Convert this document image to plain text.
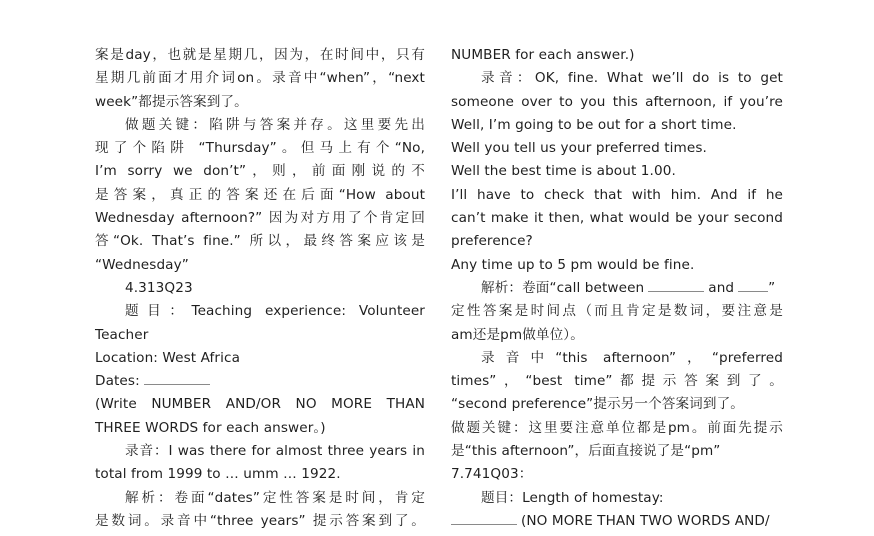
案是day，也就是星期几，因为，在时间中，只有
星期几前面才用介词on。录音中“when”，“next
week”都提示答案到了。
做题关键：陷阱与答案并存。这里要先出
现了个陷阱 “Thursday”。但马上有个“No,
I’m sorry we don’t”，则，前面刚说的不
是答案，真正的答案还在后面“How about
Wednesday afternoon?” 因为对方用了个肯定回
答“Ok. That’s fine.” 所以，最终答案应该是
“Wednesday”
4.313Q23
题目：Teaching experience: Volunteer
Teacher
Location: West Africa
Dates:
(Write NUMBER AND/OR NO MORE THAN
THREE WORDS for each answer。)
录音：I was there for almost three years in
total from 1999 to … umm … 1922.
解析：卷面“dates”定性答案是时间，肯定
是数词。录音中“three years” 提示答案到了。
NUMBER for each answer.)
录音：OK, fine. What we’ll do is to get
someone over to you this afternoon, if you’re
Well, I’m going to be out for a short time.
Well you tell us your preferred times.
Well the best time is about 1.00.
I’ll have to check that with him. And if he
can’t make it then, what would be your second
preference?
Any time up to 5 pm would be fine.
解析：卷面“call between	and	”
定性答案是时间点（而且肯定是数词，要注意是
am还是pm做单位）。
录音中“this afternoon”，“preferred
times”，“best time”都提示答案到了。
“second preference”提示另一个答案词到了。
做题关键：这里要注意单位都是pm。前面先提示
是“this afternoon”，后面直接说了是“pm”
7.741Q03：
题目：Length of homestay:
(NO MORE THAN TWO WORDS AND/
